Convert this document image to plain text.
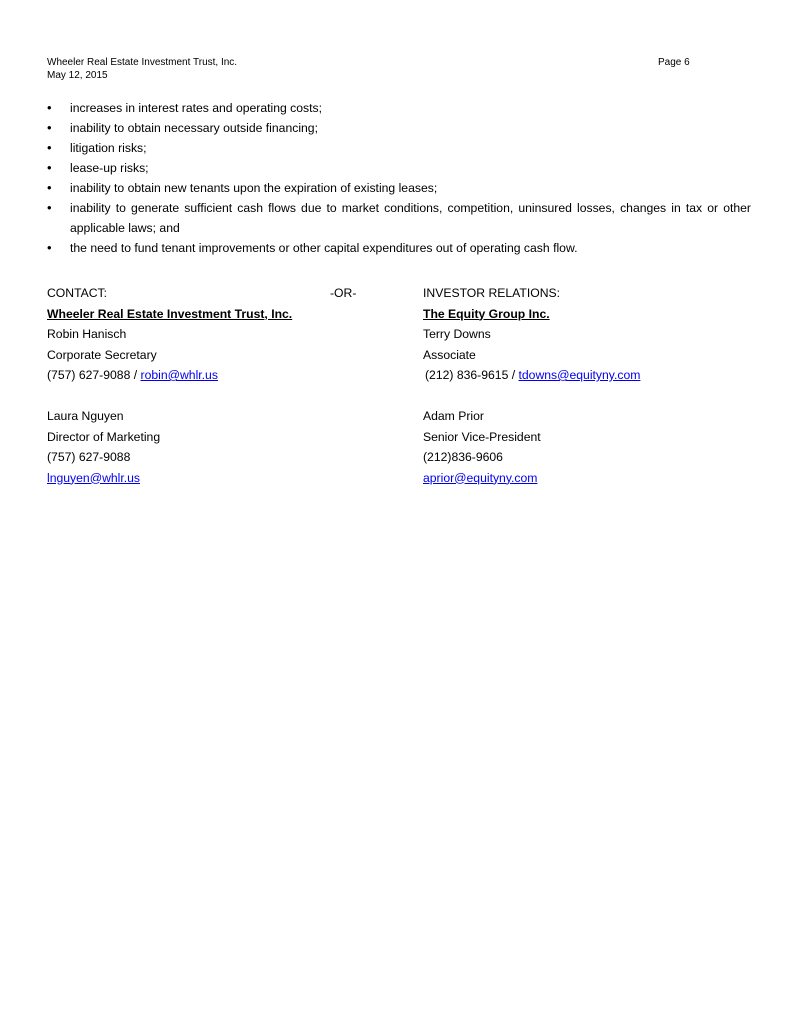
Wheeler Real Estate Investment Trust, Inc.
May 12, 2015
Page 6
• increases in interest rates and operating costs;
• inability to obtain necessary outside financing;
• litigation risks;
• lease-up risks;
• inability to obtain new tenants upon the expiration of existing leases;
• inability to generate sufficient cash flows due to market conditions, competition, uninsured losses, changes in tax or other applicable laws; and
• the need to fund tenant improvements or other capital expenditures out of operating cash flow.
CONTACT:
Wheeler Real Estate Investment Trust, Inc.
Robin Hanisch
Corporate Secretary
(757) 627-9088 / robin@whlr.us
Laura Nguyen
Director of Marketing
(757) 627-9088
lnguyen@whlr.us
-OR-	INVESTOR RELATIONS:
The Equity Group Inc.
Terry Downs
Associate
(212) 836-9615 / tdowns@equityny.com
Adam Prior
Senior Vice-President
(212)836-9606
aprior@equityny.com
